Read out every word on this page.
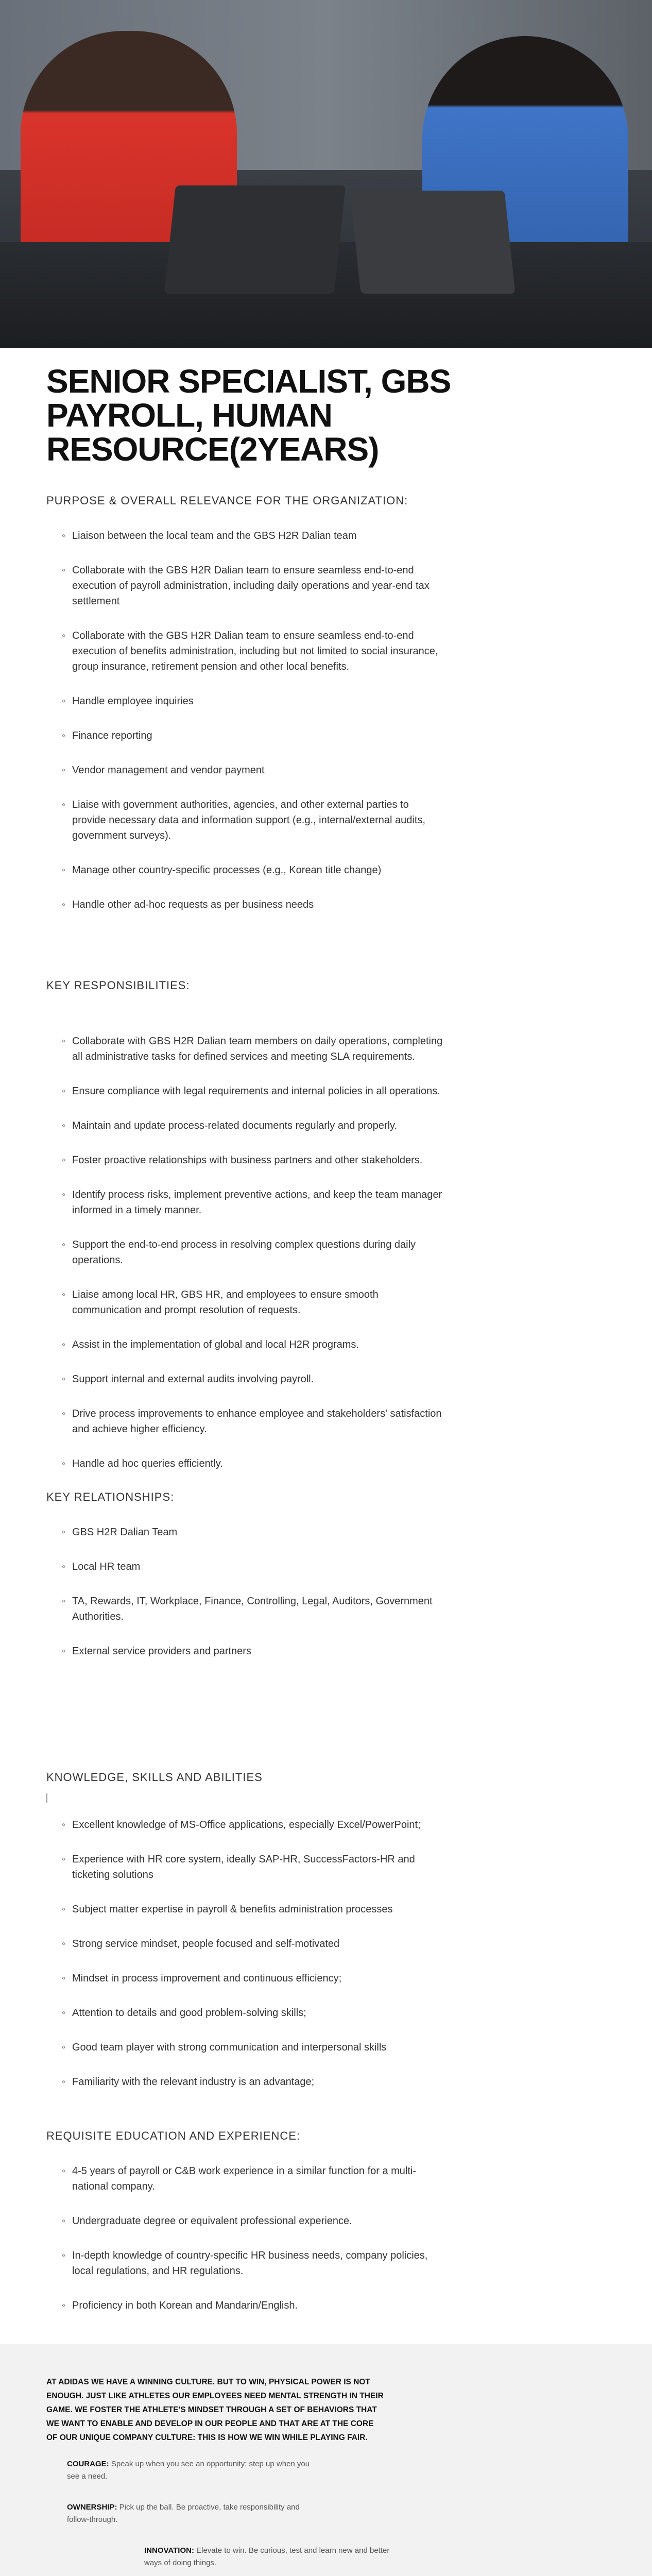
SENIOR SPECIALIST, GBS PAYROLL, HUMAN RESOURCE(2YEARS)
PURPOSE & OVERALL RELEVANCE FOR THE ORGANIZATION:
◦ Liaison between the local team and the GBS H2R Dalian team
◦ Collaborate with the GBS H2R Dalian team to ensure seamless end-to-end execution of payroll administration, including daily operations and year-end tax settlement
◦ Collaborate with the GBS H2R Dalian team to ensure seamless end-to-end execution of benefits administration, including but not limited to social insurance, group insurance, retirement pension and other local benefits.
◦ Handle employee inquiries
◦ Finance reporting
◦ Vendor management and vendor payment
◦ Liaise with government authorities, agencies, and other external parties to provide necessary data and information support (e.g., internal/external audits, government surveys).
◦ Manage other country-specific processes (e.g., Korean title change)
◦ Handle other ad-hoc requests as per business needs
KEY RESPONSIBILITIES:
◦ Collaborate with GBS H2R Dalian team members on daily operations, completing all administrative tasks for defined services and meeting SLA requirements.
◦ Ensure compliance with legal requirements and internal policies in all operations.
◦ Maintain and update process-related documents regularly and properly.
◦ Foster proactive relationships with business partners and other stakeholders.
◦ Identify process risks, implement preventive actions, and keep the team manager informed in a timely manner.
◦ Support the end-to-end process in resolving complex questions during daily operations.
◦ Liaise among local HR, GBS HR, and employees to ensure smooth communication and prompt resolution of requests.
◦ Assist in the implementation of global and local H2R programs.
◦ Support internal and external audits involving payroll.
◦ Drive process improvements to enhance employee and stakeholders' satisfaction and achieve higher efficiency.
◦ Handle ad hoc queries efficiently.
KEY RELATIONSHIPS:
◦ GBS H2R Dalian Team
◦ Local HR team
◦ TA, Rewards, IT, Workplace, Finance, Controlling, Legal, Auditors, Government Authorities.
◦ External service providers and partners
KNOWLEDGE, SKILLS AND ABILITIES
◦ Excellent knowledge of MS-Office applications, especially Excel/PowerPoint;
◦ Experience with HR core system, ideally SAP-HR, SuccessFactors-HR and ticketing solutions
◦ Subject matter expertise in payroll & benefits administration processes
◦ Strong service mindset, people focused and self-motivated
◦ Mindset in process improvement and continuous efficiency;
◦ Attention to details and good problem-solving skills;
◦ Good team player with strong communication and interpersonal skills
◦ Familiarity with the relevant industry is an advantage;
REQUISITE EDUCATION AND EXPERIENCE:
◦ 4-5 years of payroll or C&B work experience in a similar function for a multi-national company.
◦ Undergraduate degree or equivalent professional experience.
◦ In-depth knowledge of country-specific HR business needs, company policies, local regulations, and HR regulations.
◦ Proficiency in both Korean and Mandarin/English.

AT ADIDAS WE HAVE A WINNING CULTURE. BUT TO WIN, PHYSICAL POWER IS NOT ENOUGH. JUST LIKE ATHLETES OUR EMPLOYEES NEED MENTAL STRENGTH IN THEIR GAME. WE FOSTER THE ATHLETE'S MINDSET THROUGH A SET OF BEHAVIORS THAT WE WANT TO ENABLE AND DEVELOP IN OUR PEOPLE AND THAT ARE AT THE CORE OF OUR UNIQUE COMPANY CULTURE: THIS IS HOW WE WIN WHILE PLAYING FAIR.

COURAGE: Speak up when you see an opportunity; step up when you see a need.
OWNERSHIP: Pick up the ball. Be proactive, take responsibility and follow-through.
INNOVATION: Elevate to win. Be curious, test and learn new and better ways of doing things.
